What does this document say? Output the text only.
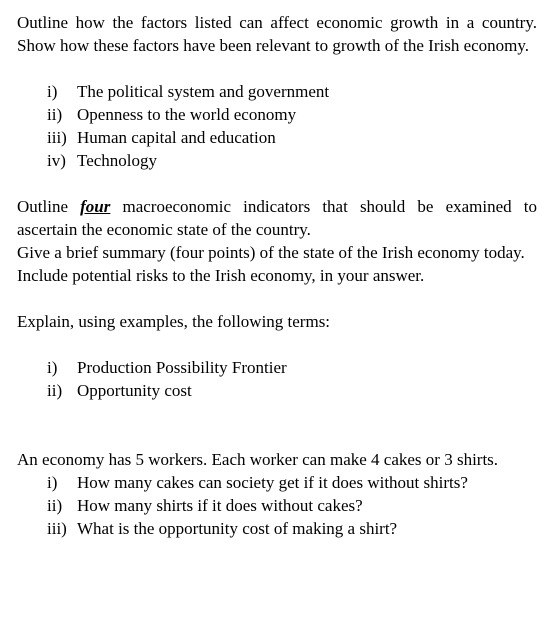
Outline how the factors listed can affect economic growth in a country. Show how these factors have been relevant to growth of the Irish economy.

i) The political system and government
ii) Openness to the world economy
iii) Human capital and education
iv) Technology

Outline four macroeconomic indicators that should be examined to ascertain the economic state of the country.

Give a brief summary (four points) of the state of the Irish economy today.

Include potential risks to the Irish economy, in your answer.

Explain, using examples, the following terms:

i) Production Possibility Frontier
ii) Opportunity cost

An economy has 5 workers. Each worker can make 4 cakes or 3 shirts.

i) How many cakes can society get if it does without shirts?
ii) How many shirts if it does without cakes?
iii) What is the opportunity cost of making a shirt?
